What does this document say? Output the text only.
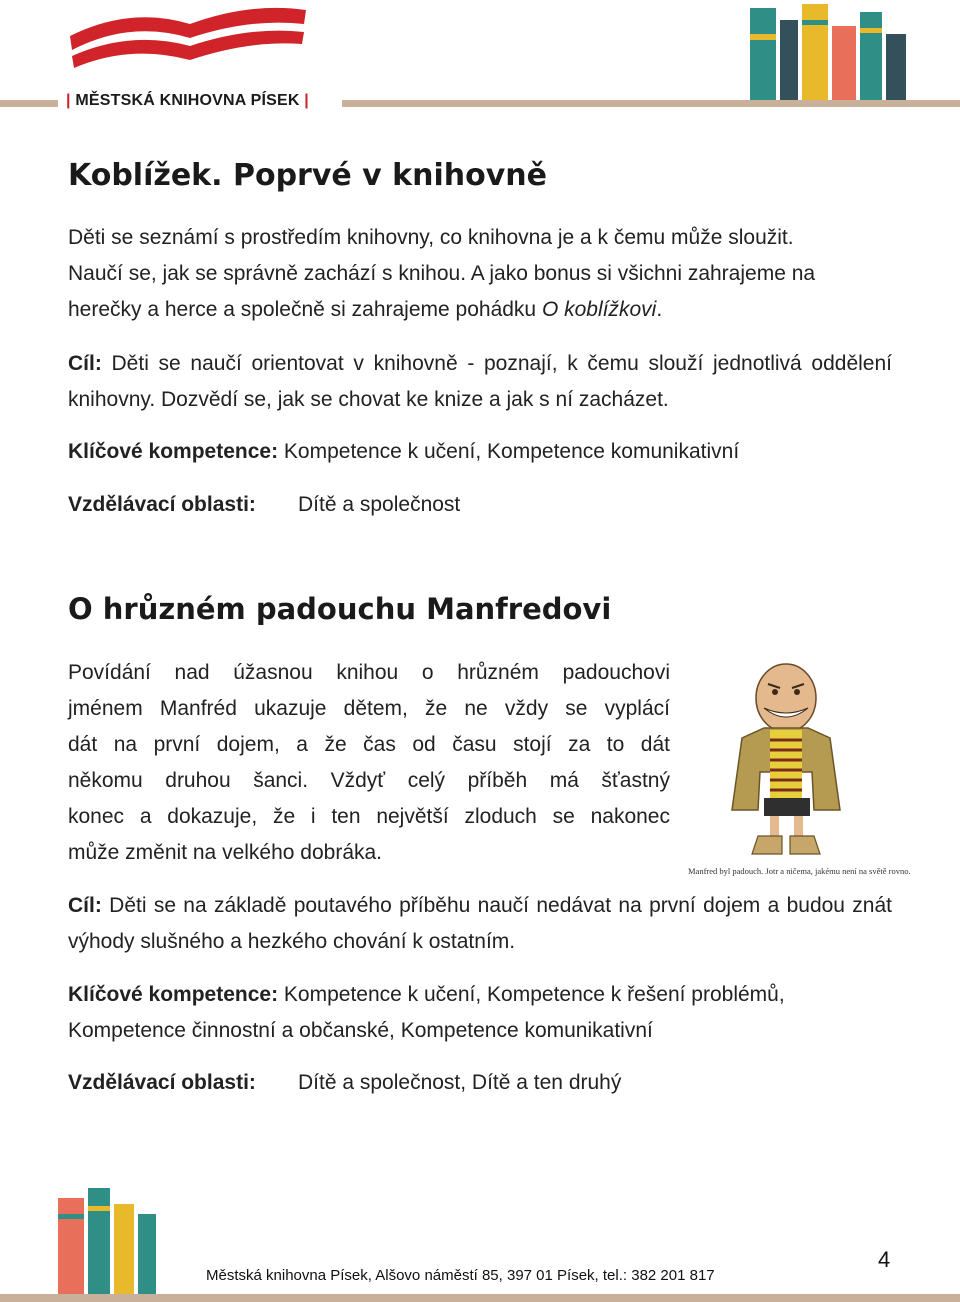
| MĚSTSKÁ KNIHOVNA PÍSEK |
Koblížek. Poprvé v knihovně
Děti se seznámí s prostředím knihovny, co knihovna je a k čemu může sloužit.
Naučí se, jak se správně zachází s knihou. A jako bonus si všichni zahrajeme na
herečky a herce a společně si zahrajeme pohádku O koblížkovi.
Cíl: Děti se naučí orientovat v knihovně - poznají, k čemu slouží jednotlivá oddělení knihovny. Dozvědí se, jak se chovat ke knize a jak s ní zacházet.
Klíčové kompetence: Kompetence k učení, Kompetence komunikativní
Vzdělávací oblasti: Dítě a společnost
O hrůzném padouchu Manfredovi
Povídání nad úžasnou knihou o hrůzném padouchovi
jménem Manfréd ukazuje dětem, že ne vždy se vyplácí
dát na první dojem, a že čas od času stojí za to dát
někomu druhou šanci. Vždyť celý příběh má šťastný
konec a dokazuje, že i ten největší zloduch se nakonec
může změnit na velkého dobráka.
Manfred byl padouch. Jotr a ničema, jakému není na světě rovno.
Cíl: Děti se na základě poutavého příběhu naučí nedávat na první dojem a budou znát výhody slušného a hezkého chování k ostatním.
Klíčové kompetence: Kompetence k učení, Kompetence k řešení problémů,
Kompetence činnostní a občanské, Kompetence komunikativní
Vzdělávací oblasti: Dítě a společnost, Dítě a ten druhý
Městská knihovna Písek, Alšovo náměstí 85, 397 01 Písek, tel.: 382 201 817
4
